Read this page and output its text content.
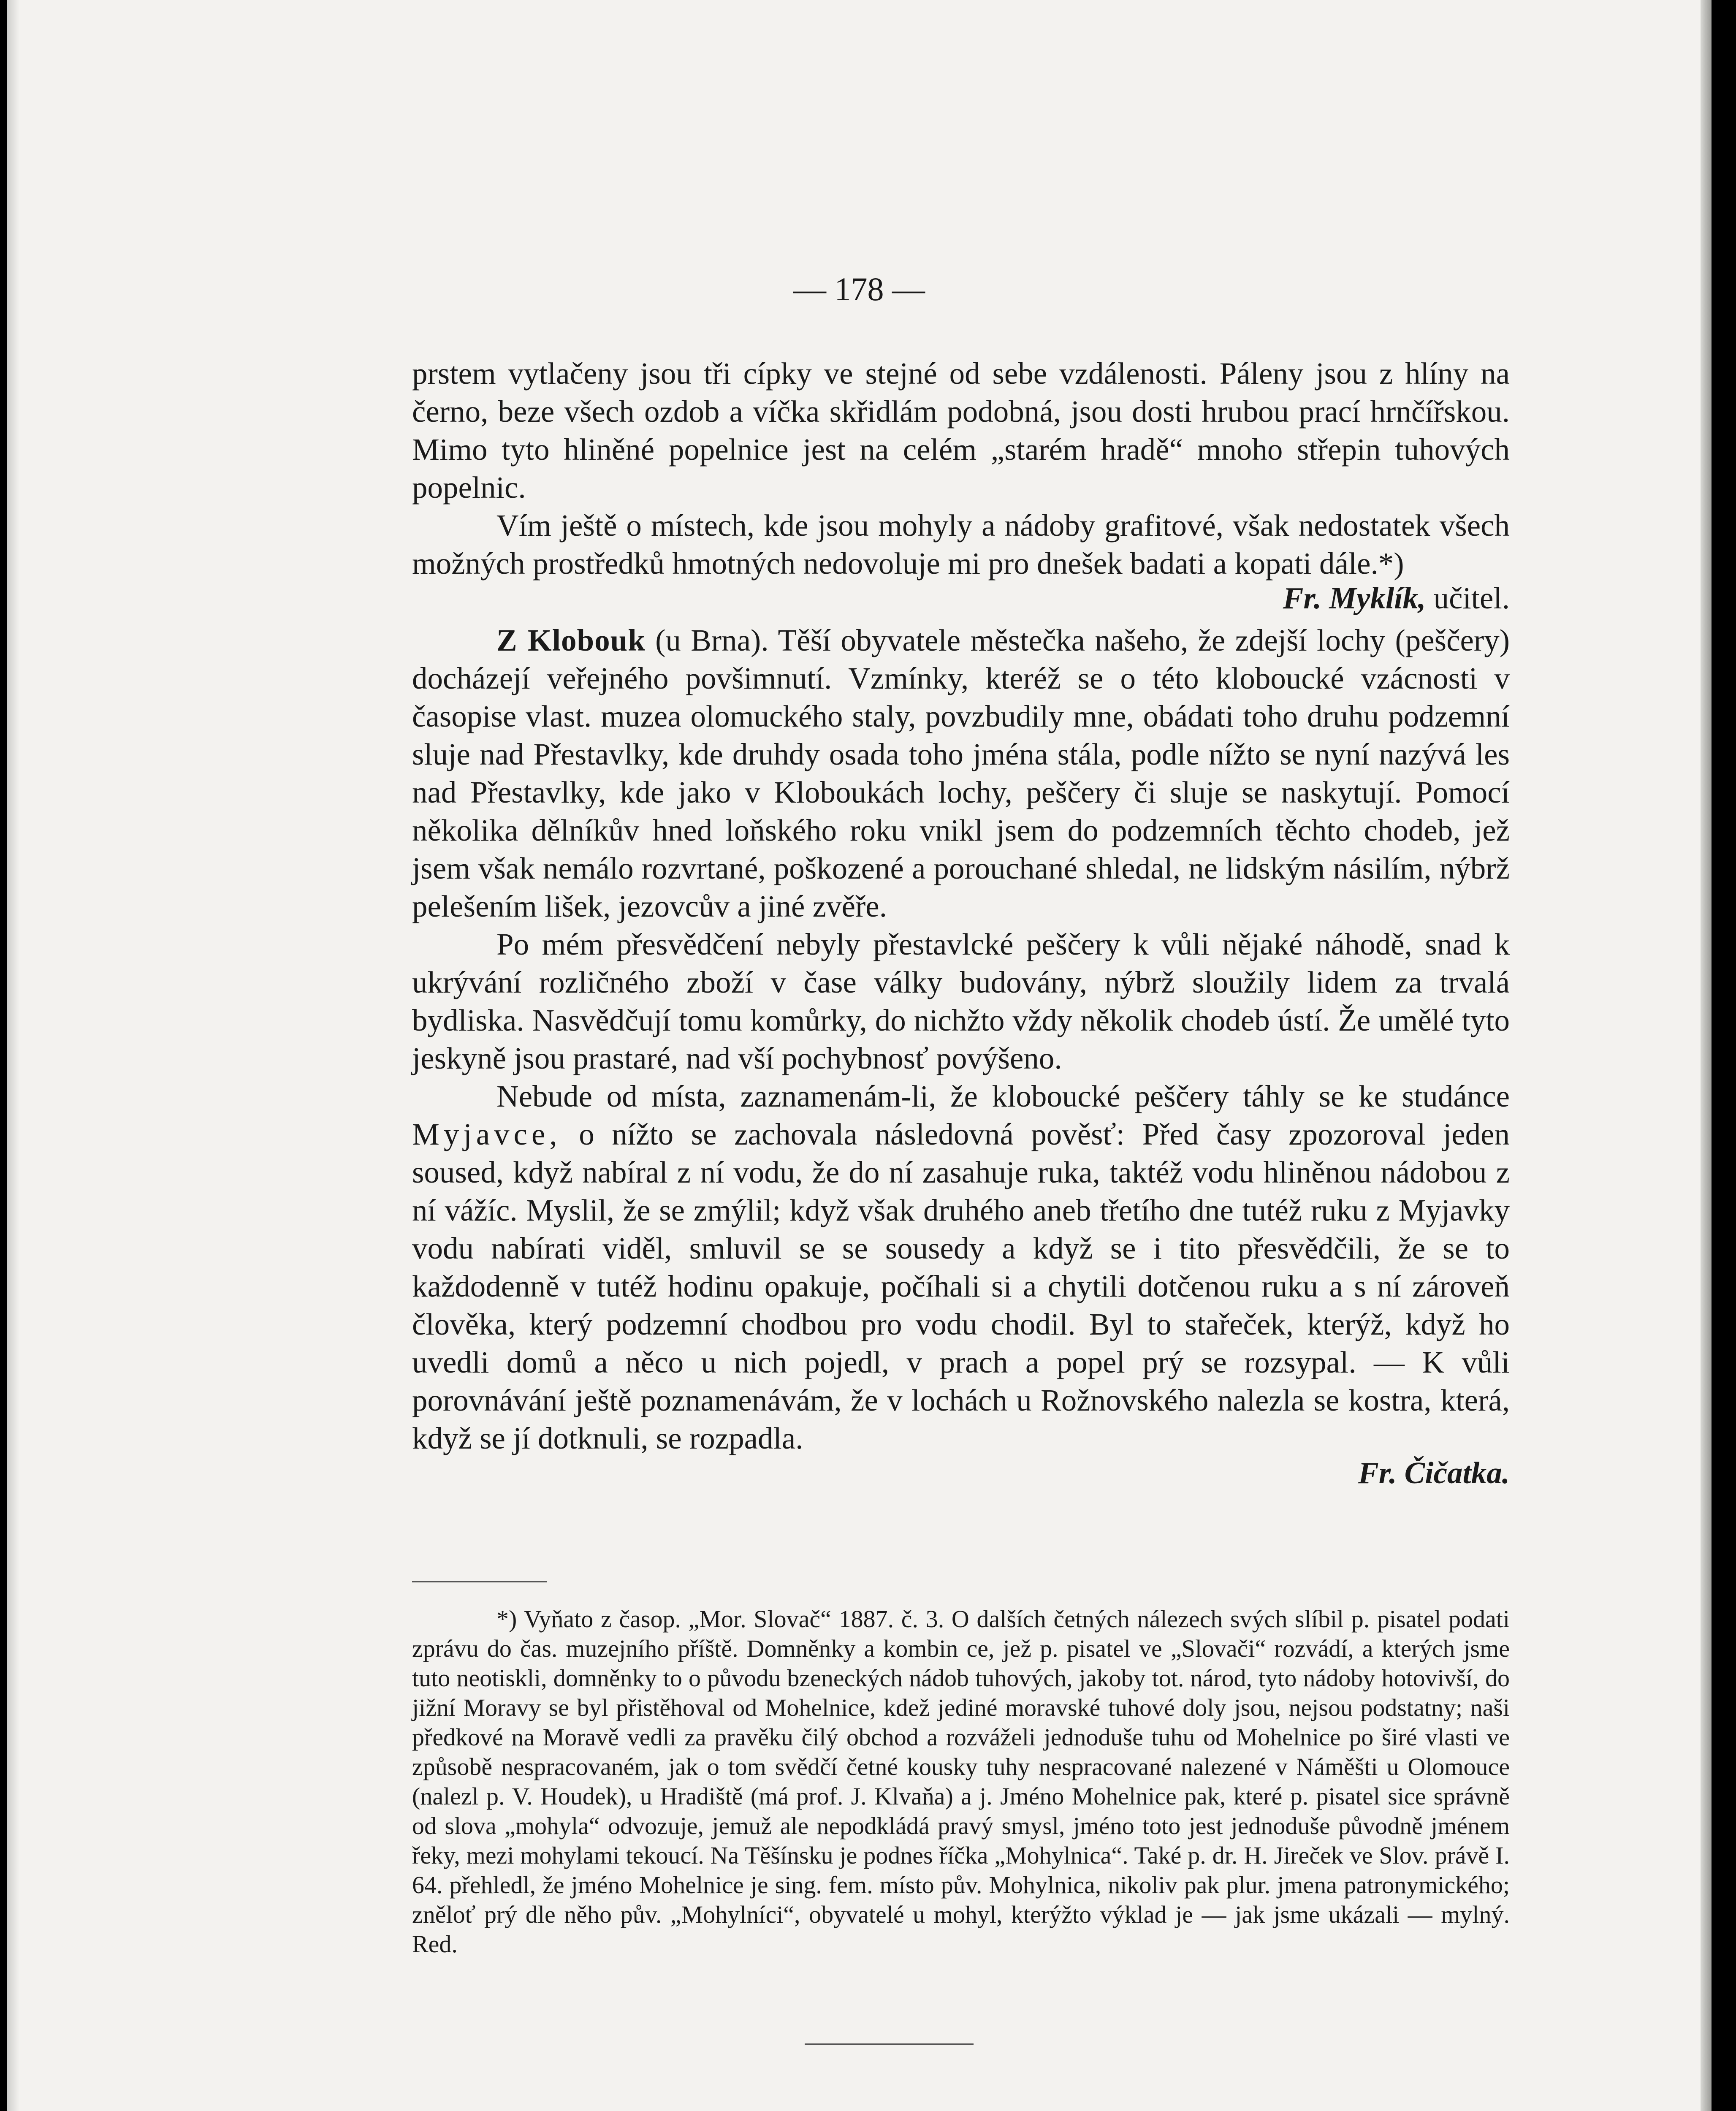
— 178 —

prstem vytlačeny jsou tři cípky ve stejné od sebe vzdálenosti. Páleny jsou z hlíny na černo, beze všech ozdob a víčka skřidlám podobná, jsou dosti hrubou prací hrnčířskou. Mimo tyto hliněné popelnice jest na celém „starém hradě“ mnoho střepin tuhových popelnic.

Vím ještě o místech, kde jsou mohyly a nádoby grafitové, však nedostatek všech možných prostředků hmotných nedovoluje mi pro dnešek badati a kopati dále.*)

Fr. Myklík, učitel.

Z Klobouk (u Brna). Těší obyvatele městečka našeho, že zdejší lochy (peščery) docházejí veřejného povšimnutí. Vzmínky, kteréž se o této kloboucké vzácnosti v časopise vlast. muzea olomuckého staly, povzbudily mne, obádati toho druhu podzemní sluje nad Přestavlky, kde druhdy osada toho jména stála, podle nížto se nyní nazývá les nad Přestavlky, kde jako v Kloboukách lochy, peščery či sluje se naskytují. Pomocí několika dělníkův hned loňského roku vnikl jsem do podzemních těchto chodeb, jež jsem však nemálo rozvrtané, poškozené a porouchané shledal, ne lidským násilím, nýbrž pelešením lišek, jezovcův a jiné zvěře.

Po mém přesvědčení nebyly přestavlcké peščery k vůli nějaké náhodě, snad k ukrývání rozličného zboží v čase války budovány, nýbrž sloužily lidem za trvalá bydliska. Nasvědčují tomu komůrky, do nichžto vždy několik chodeb ústí. Že umělé tyto jeskyně jsou prastaré, nad vší pochybnosť povýšeno.

Nebude od místa, zaznamenám-li, že kloboucké peščery táhly se ke studánce Myjavce, o nížto se zachovala následovná pověsť: Před časy zpozoroval jeden soused, když nabíral z ní vodu, že do ní zasahuje ruka, taktéž vodu hliněnou nádobou z ní vážíc. Myslil, že se zmýlil; když však druhého aneb třetího dne tutéž ruku z Myjavky vodu nabírati viděl, smluvil se se sousedy a když se i tito přesvědčili, že se to každodenně v tutéž hodinu opakuje, počíhali si a chytili dotčenou ruku a s ní zároveň člověka, který podzemní chodbou pro vodu chodil. Byl to stařeček, kterýž, když ho uvedli domů a něco u nich pojedl, v prach a popel prý se rozsypal. — K vůli porovnávání ještě poznamenávám, že v lochách u Rožnovského nalezla se kostra, která, když se jí dotknuli, se rozpadla.

Fr. Čičatka.

*) Vyňato z časop. „Mor. Slovač“ 1887. č. 3. O dalších četných nálezech svých slíbil p. pisatel podati zprávu do čas. muzejního příště. Domněnky a kombin ce, jež p. pisatel ve „Slovači“ rozvádí, a kterých jsme tuto neotiskli, domněnky to o původu bzeneckých nádob tuhových, jakoby tot. národ, tyto nádoby hotovivší, do jižní Moravy se byl přistěhoval od Mohelnice, kdež jediné moravské tuhové doly jsou, nejsou podstatny; naši předkové na Moravě vedli za pravěku čilý obchod a rozváželi jednoduše tuhu od Mohelnice po širé vlasti ve způsobě nespracovaném, jak o tom svědčí četné kousky tuhy nespracované nalezené v Náměšti u Olomouce (nalezl p. V. Houdek), u Hradiště (má prof. J. Klvaňa) a j. Jméno Mohelnice pak, které p. pisatel sice správně od slova „mohyla“ odvozuje, jemuž ale nepodkládá pravý smysl, jméno toto jest jednoduše původně jménem řeky, mezi mohylami tekoucí. Na Těšínsku je podnes říčka „Mohylnica“. Také p. dr. H. Jireček ve Slov. právě I. 64. přehledl, že jméno Mohelnice je sing. fem. místo pův. Mohylnica, nikoliv pak plur. jmena patronymického; zněloť prý dle něho pův. „Mohylníci“, obyvatelé u mohyl, kterýžto výklad je — jak jsme ukázali — mylný. Red.
